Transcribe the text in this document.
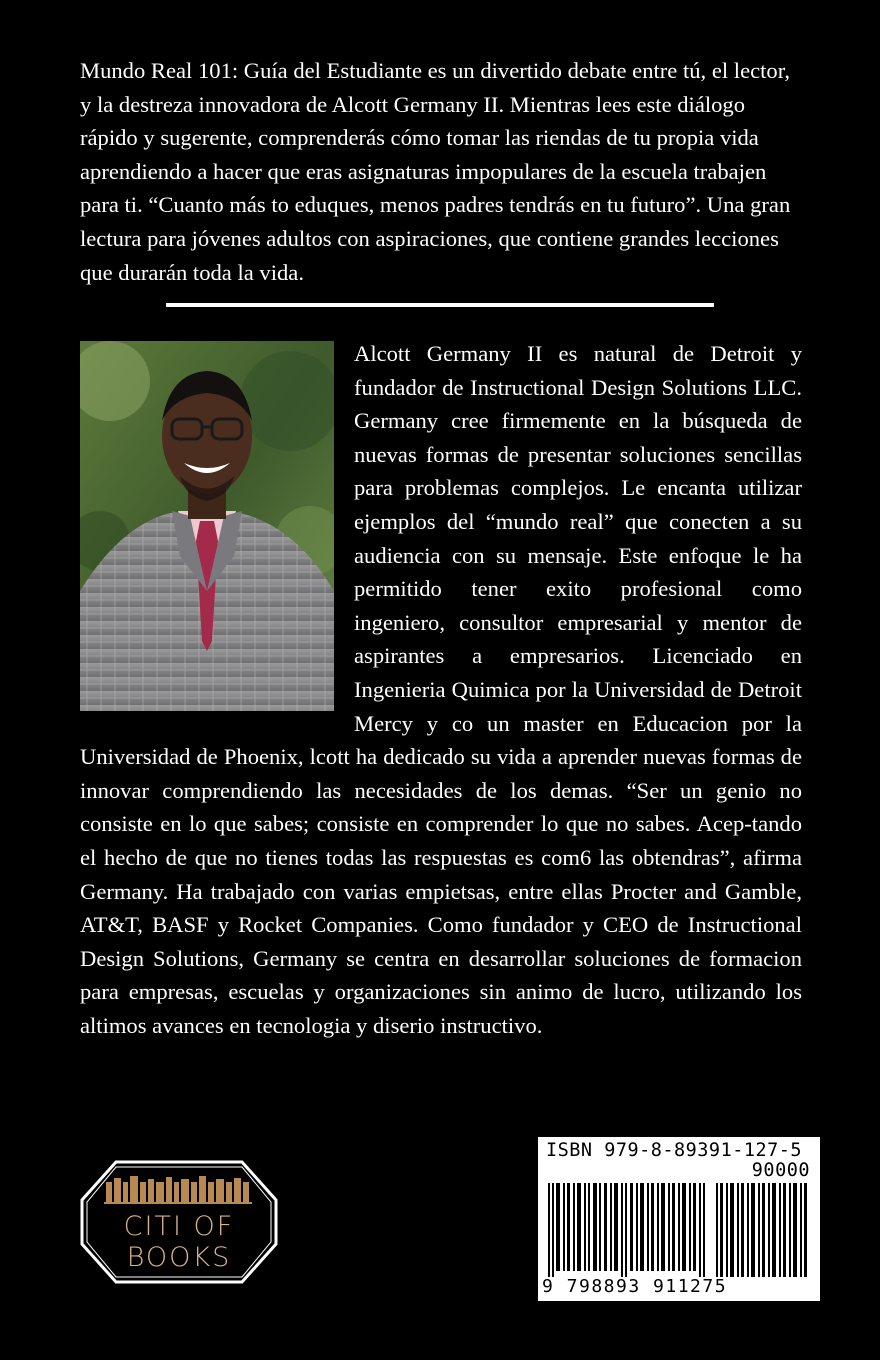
Mundo Real 101: Guía del Estudiante es un divertido debate entre tú, el lector, y la destreza innovadora de Alcott Germany II. Mientras lees este diálogo rápido y sugerente, comprenderás cómo tomar las riendas de tu propia vida aprendiendo a hacer que eras asignaturas impopulares de la escuela trabajen para ti. “Cuanto más to eduques, menos padres tendrás en tu futuro”. Una gran lectura para jóvenes adultos con aspiraciones, que contiene grandes lecciones que durarán toda la vida.

Alcott Germany II es natural de Detroit y fundador de Instructional Design Solutions LLC. Germany cree firmemente en la búsqueda de nuevas formas de presentar soluciones sencillas para problemas complejos. Le encanta utilizar ejemplos del “mundo real” que conecten a su audiencia con su mensaje. Este enfoque le ha permitido tener exito profesional como ingeniero, consultor empresarial y mentor de aspirantes a empresarios. Licenciado en Ingenieria Quimica por la Universidad de Detroit Mercy y co un master en Educacion por la Universidad de Phoenix, lcott ha dedicado su vida a aprender nuevas formas de innovar comprendiendo las necesidades de los demas. “Ser un genio no consiste en lo que sabes; consiste en comprender lo que no sabes. Acep-tando el hecho de que no tienes todas las respuestas es com6 las obtendras”, afirma Germany. Ha trabajado con varias empietsas, entre ellas Procter and Gamble, AT&T, BASF y Rocket Companies. Como fundador y CEO de Instructional Design Solutions, Germany se centra en desarrollar soluciones de formacion para empresas, escuelas y organizaciones sin animo de lucro, utilizando los altimos avances en tecnologia y diserio instructivo.

CITI OF
BOOKS
ISBN 979-8-89391-127-5
90000
9 798893 911275
